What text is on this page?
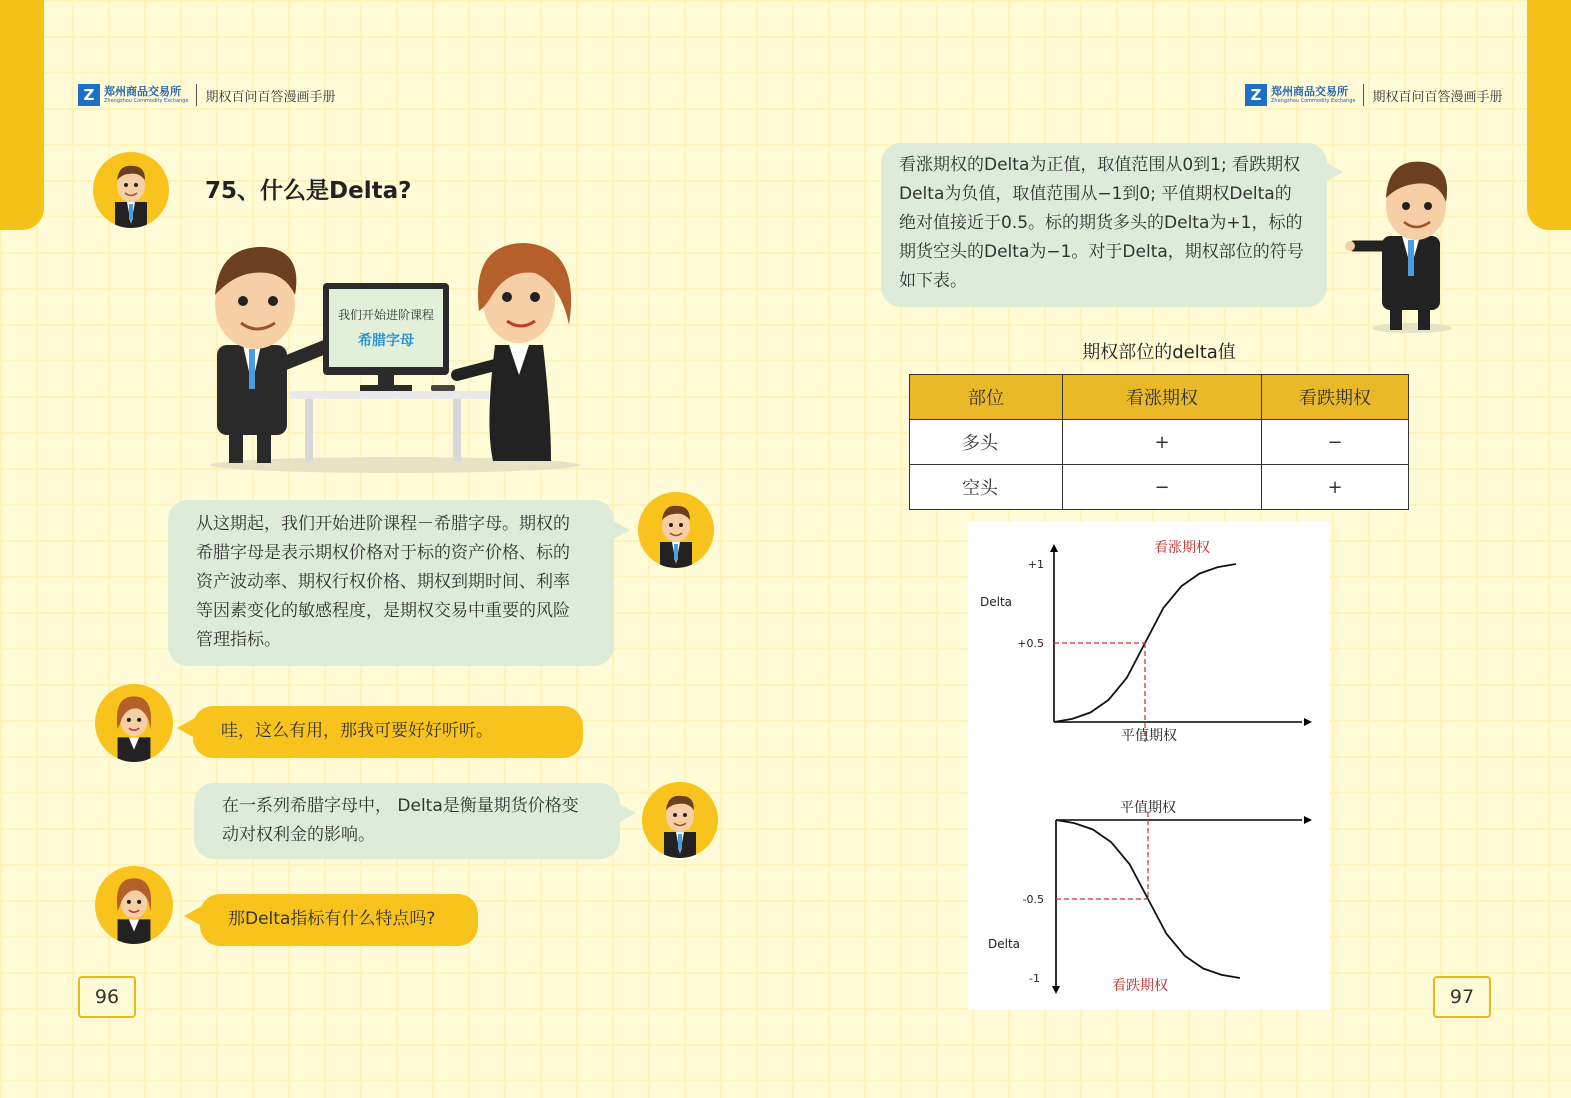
Z 郑州商品交易所
Zhengzhou Commodity Exchange 期权百问百答漫画手册	Z 郑州商品交易所
Zhengzhou Commodity Exchange 期权百问百答漫画手册
75、什么是Delta?
我们开始进阶课程
希腊字母
从这期起，我们开始进阶课程－希腊字母。期权的希腊字母是表示期权价格对于标的资产价格、标的资产波动率、期权行权价格、期权到期时间、利率等因素变化的敏感程度，是期权交易中重要的风险管理指标。
哇，这么有用，那我可要好好听听。
在一系列希腊字母中， Delta是衡量期货价格变动对权利金的影响。
那Delta指标有什么特点吗?
96
看涨期权的Delta为正值，取值范围从0到1; 看跌期权Delta为负值，取值范围从−1到0; 平值期权Delta的绝对值接近于0.5。标的期货多头的Delta为+1，标的期货空头的Delta为−1。对于Delta，期权部位的符号如下表。
期权部位的delta值
部位	看涨期权	看跌期权
多头	+	−
空头	−	+
+1
+0.5
Delta
平值期权
看涨期权
-0.5
-1
Delta
平值期权
看跌期权	97
